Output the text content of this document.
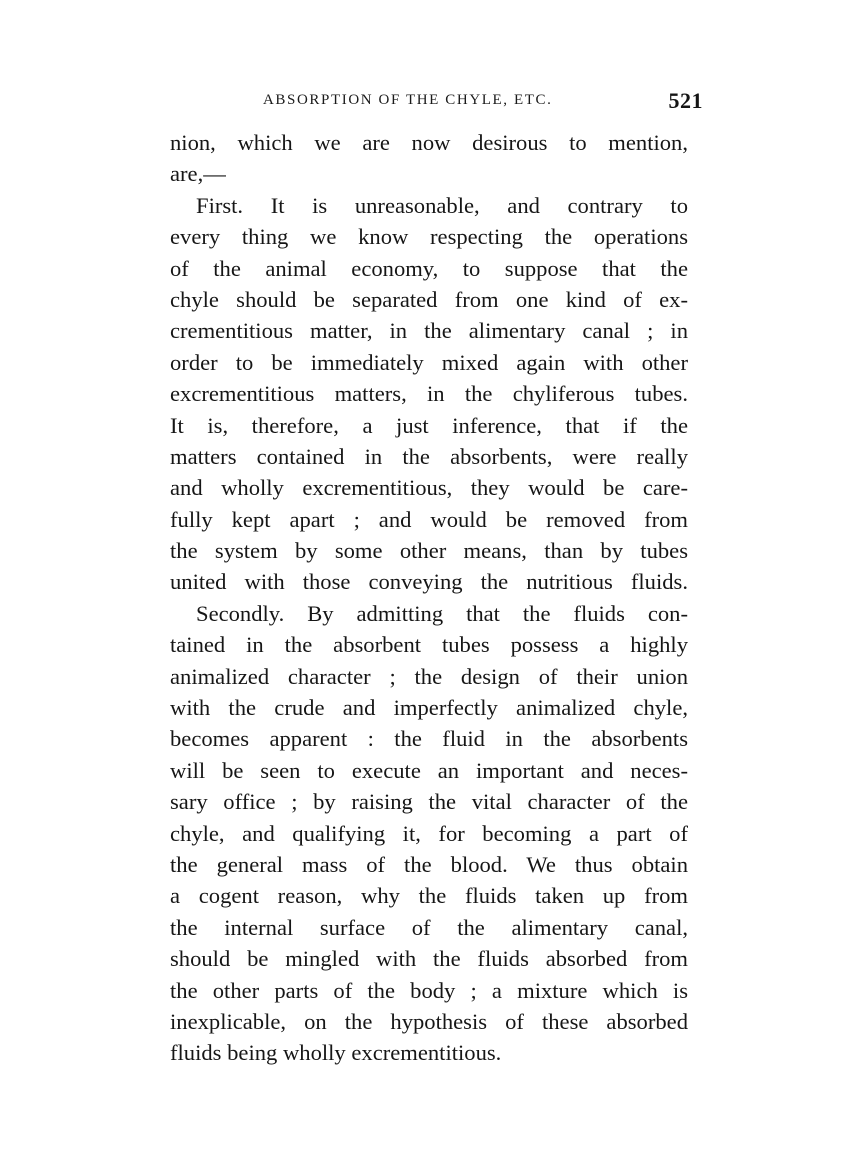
ABSORPTION OF THE CHYLE, ETC.	521
nion, which we are now desirous to mention,
are,—
First. It is unreasonable, and contrary to
every thing we know respecting the operations
of the animal economy, to suppose that the
chyle should be separated from one kind of ex-
crementitious matter, in the alimentary canal ; in
order to be immediately mixed again with other
excrementitious matters, in the chyliferous tubes.
It is, therefore, a just inference, that if the
matters contained in the absorbents, were really
and wholly excrementitious, they would be care-
fully kept apart ; and would be removed from
the system by some other means, than by tubes
united with those conveying the nutritious fluids.
Secondly. By admitting that the fluids con-
tained in the absorbent tubes possess a highly
animalized character ; the design of their union
with the crude and imperfectly animalized chyle,
becomes apparent : the fluid in the absorbents
will be seen to execute an important and neces-
sary office ; by raising the vital character of the
chyle, and qualifying it, for becoming a part of
the general mass of the blood. We thus obtain
a cogent reason, why the fluids taken up from
the internal surface of the alimentary canal,
should be mingled with the fluids absorbed from
the other parts of the body ; a mixture which is
inexplicable, on the hypothesis of these absorbed
fluids being wholly excrementitious.
